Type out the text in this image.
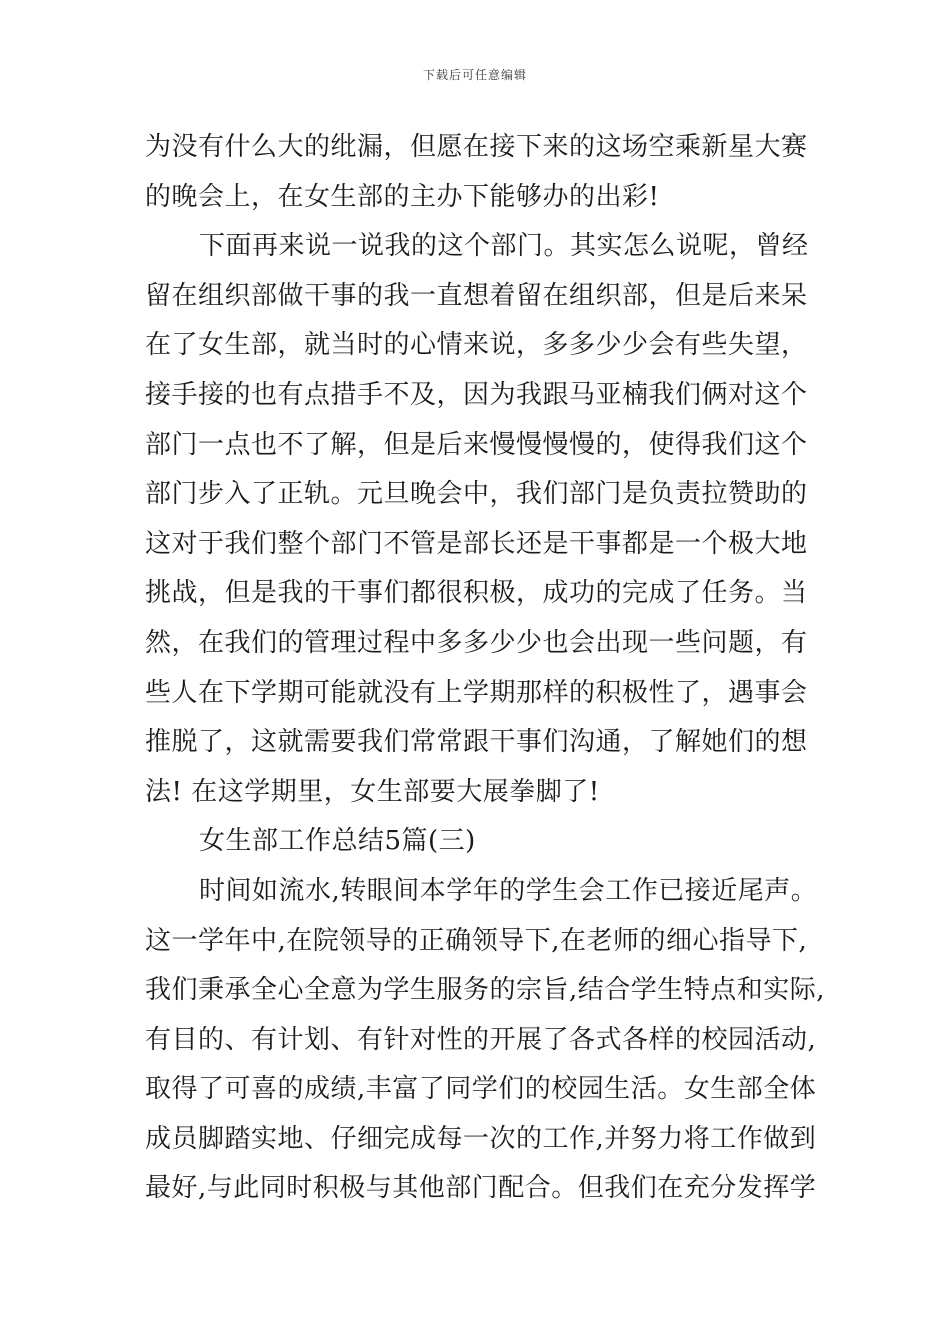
下载后可任意编辑
为没有什么大的纰漏，但愿在接下来的这场空乘新星大赛
的晚会上，在女生部的主办下能够办的出彩!
下面再来说一说我的这个部门。其实怎么说呢，曾经
留在组织部做干事的我一直想着留在组织部，但是后来呆
在了女生部，就当时的心情来说，多多少少会有些失望，
接手接的也有点措手不及，因为我跟马亚楠我们俩对这个
部门一点也不了解，但是后来慢慢慢慢的，使得我们这个
部门步入了正轨。元旦晚会中，我们部门是负责拉赞助的
这对于我们整个部门不管是部长还是干事都是一个极大地
挑战，但是我的干事们都很积极，成功的完成了任务。当
然，在我们的管理过程中多多少少也会出现一些问题，有
些人在下学期可能就没有上学期那样的积极性了，遇事会
推脱了，这就需要我们常常跟干事们沟通，了解她们的想
法! 在这学期里，女生部要大展拳脚了!
女生部工作总结5篇(三)
时间如流水,转眼间本学年的学生会工作已接近尾声。
这一学年中,在院领导的正确领导下,在老师的细心指导下,
我们秉承全心全意为学生服务的宗旨,结合学生特点和实际,
有目的、有计划、有针对性的开展了各式各样的校园活动,
取得了可喜的成绩,丰富了同学们的校园生活。女生部全体
成员脚踏实地、仔细完成每一次的工作,并努力将工作做到
最好,与此同时积极与其他部门配合。但我们在充分发挥学
